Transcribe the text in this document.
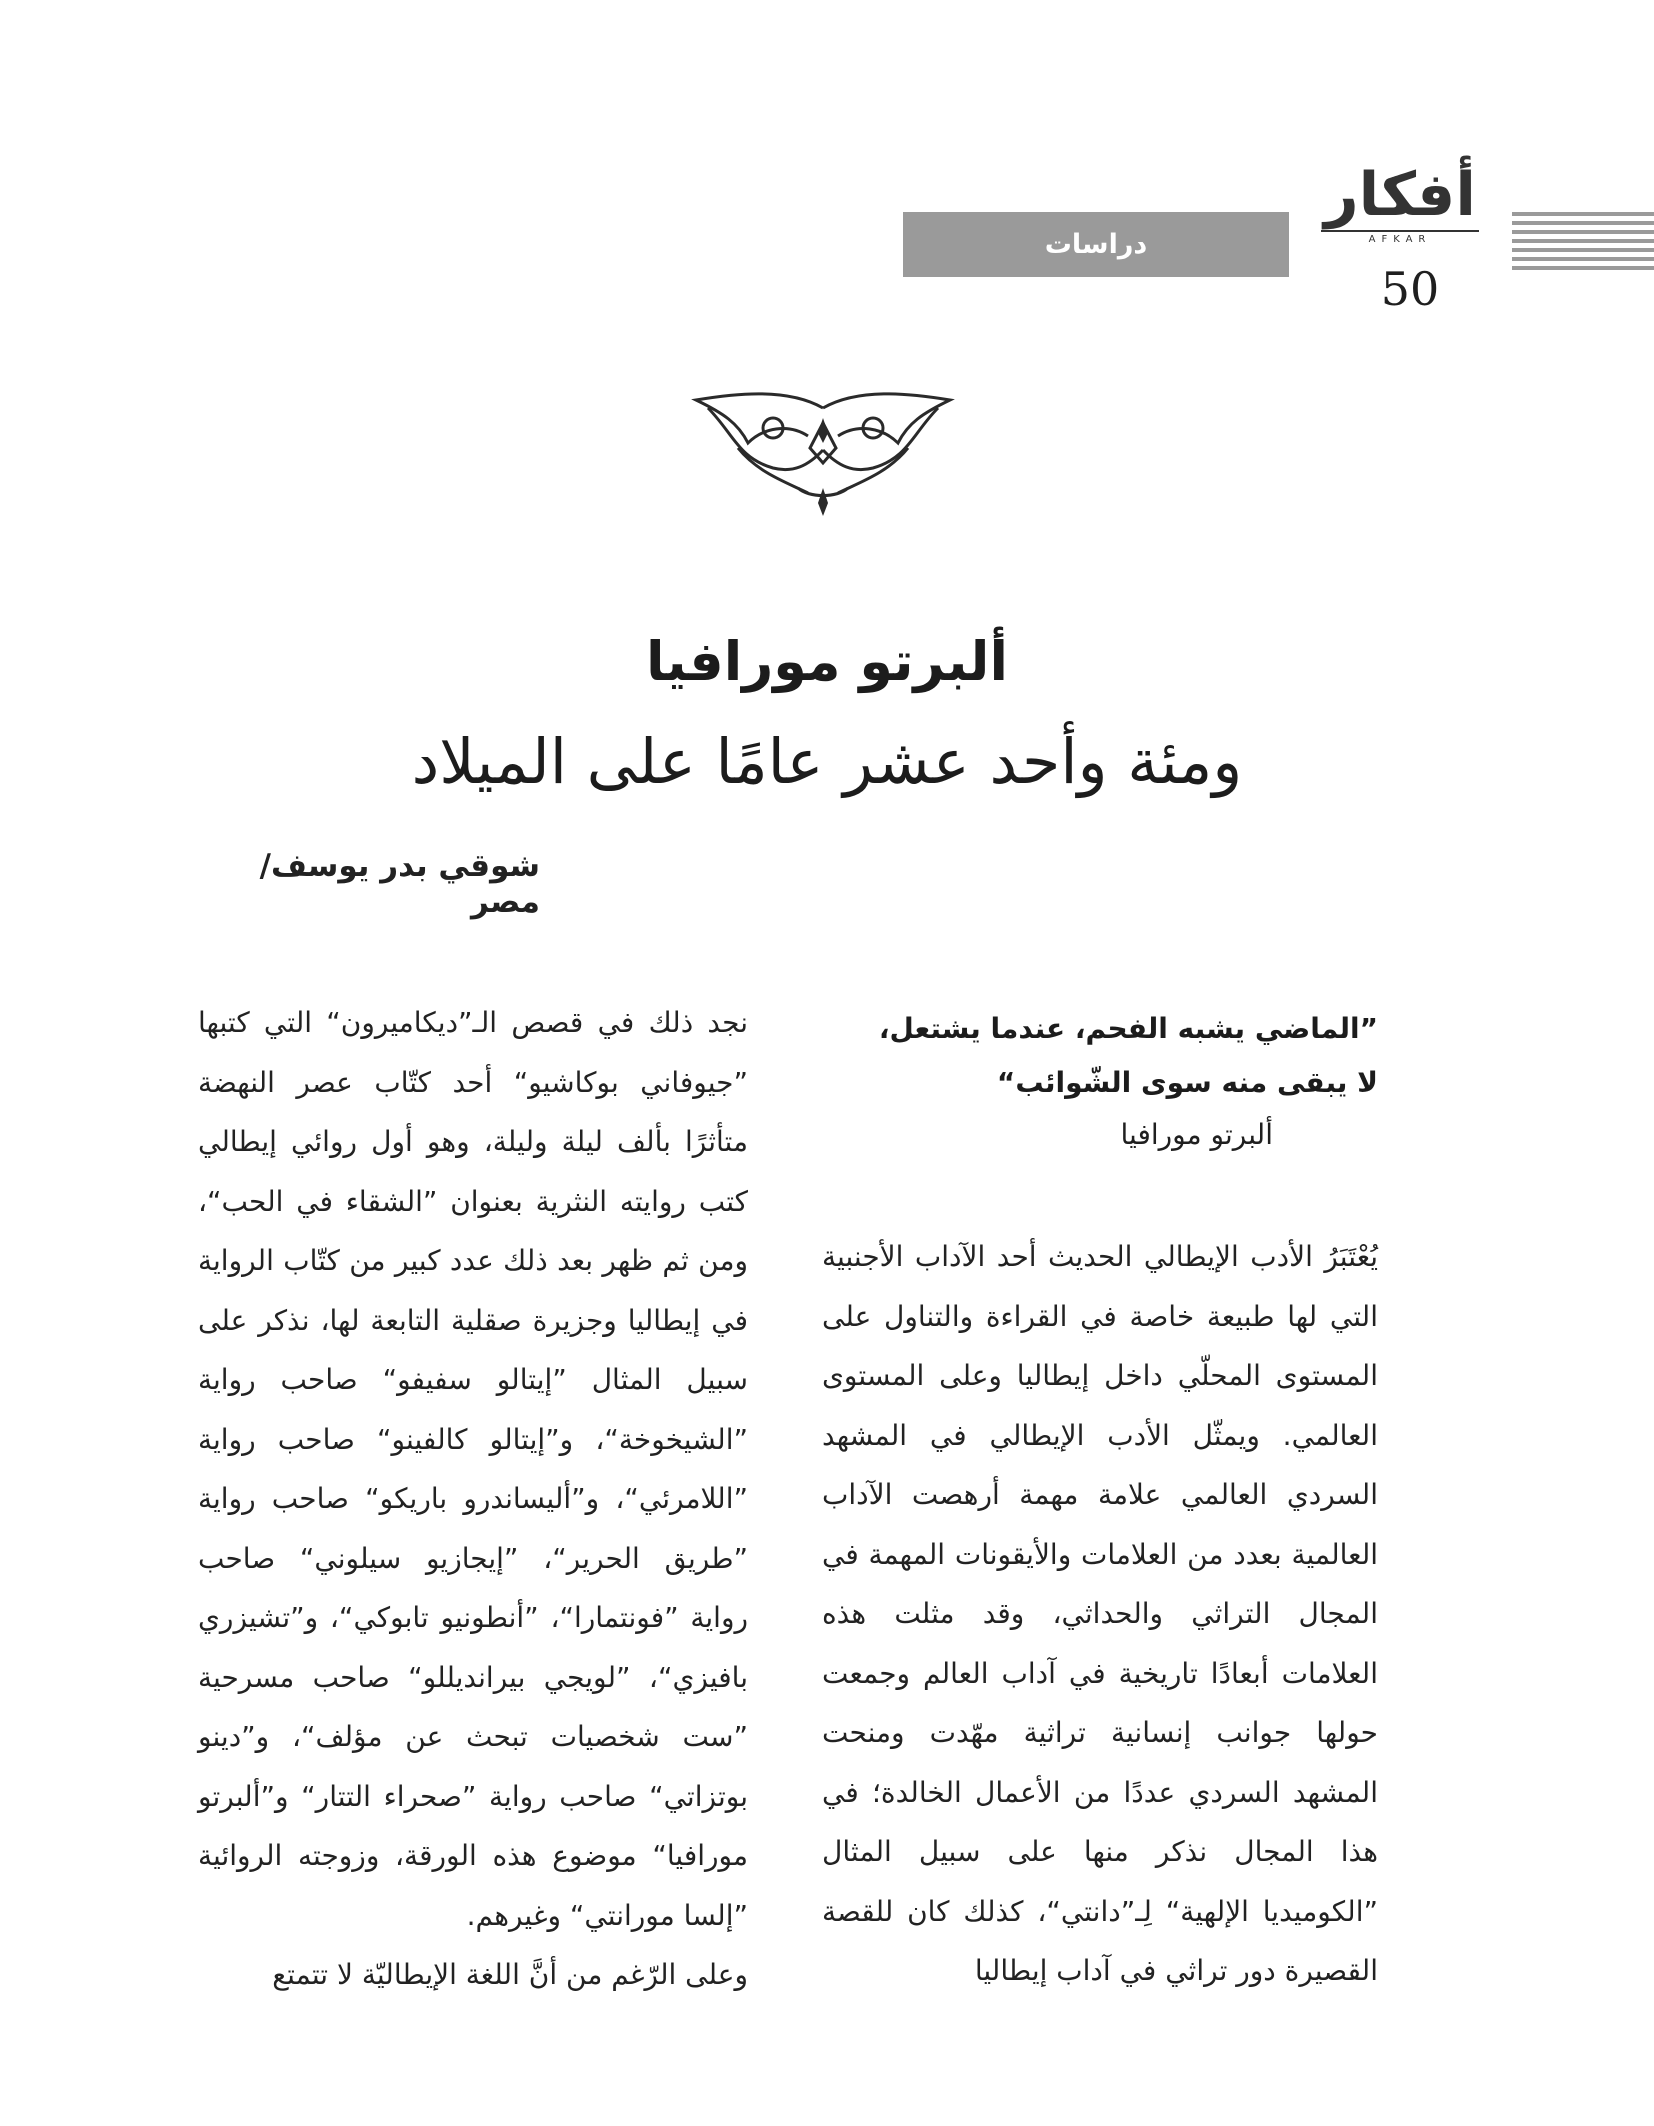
دراسات
أفكار
AFKAR
50
ألبرتو مورافيا
ومئة وأحد عشر عامًا على الميلاد
شوقي بدر يوسف/ مصر
”الماضي يشبه الفحم، عندما يشتعل،
لا يبقى منه سوى الشّوائب“
ألبرتو مورافيا

يُعْتَبَرُ الأدب الإيطالي الحديث أحد الآداب الأجنبية التي لها طبيعة خاصة في القراءة والتناول على المستوى المحلّي داخل إيطاليا وعلى المستوى العالمي. ويمثّل الأدب الإيطالي في المشهد السردي العالمي علامة مهمة أرهصت الآداب العالمية بعدد من العلامات والأيقونات المهمة في المجال التراثي والحداثي، وقد مثلت هذه العلامات أبعادًا تاريخية في آداب العالم وجمعت حولها جوانب إنسانية تراثية مهّدت ومنحت المشهد السردي عددًا من الأعمال الخالدة؛ في هذا المجال نذكر منها على سبيل المثال ”الكوميديا الإلهية“ لِـ”دانتي“، كذلك كان للقصة القصيرة دور تراثي في آداب إيطاليا

نجد ذلك في قصص الـ”ديكاميرون“ التي كتبها ”جيوفاني بوكاشيو“ أحد كتّاب عصر النهضة متأثرًا بألف ليلة وليلة، وهو أول روائي إيطالي كتب روايته النثرية بعنوان ”الشقاء في الحب“، ومن ثم ظهر بعد ذلك عدد كبير من كتّاب الرواية في إيطاليا وجزيرة صقلية التابعة لها، نذكر على سبيل المثال ”إيتالو سفيفو“ صاحب رواية ”الشيخوخة“، و”إيتالو كالفينو“ صاحب رواية ”اللامرئي“، و”أليساندرو باريكو“ صاحب رواية ”طريق الحرير“، ”إيجازيو سيلوني“ صاحب رواية ”فونتمارا“، ”أنطونيو تابوكي“، و”تشيزري بافيزي“، ”لويجي بيرانديللو“ صاحب مسرحية ”ست شخصيات تبحث عن مؤلف“، و”دينو بوتزاتي“ صاحب رواية ”صحراء التتار“ و”ألبرتو مورافيا“ موضوع هذه الورقة، وزوجته الروائية ”إلسا مورانتي“ وغيرهم.

وعلى الرّغم من أنَّ اللغة الإيطاليّة لا تتمتع
